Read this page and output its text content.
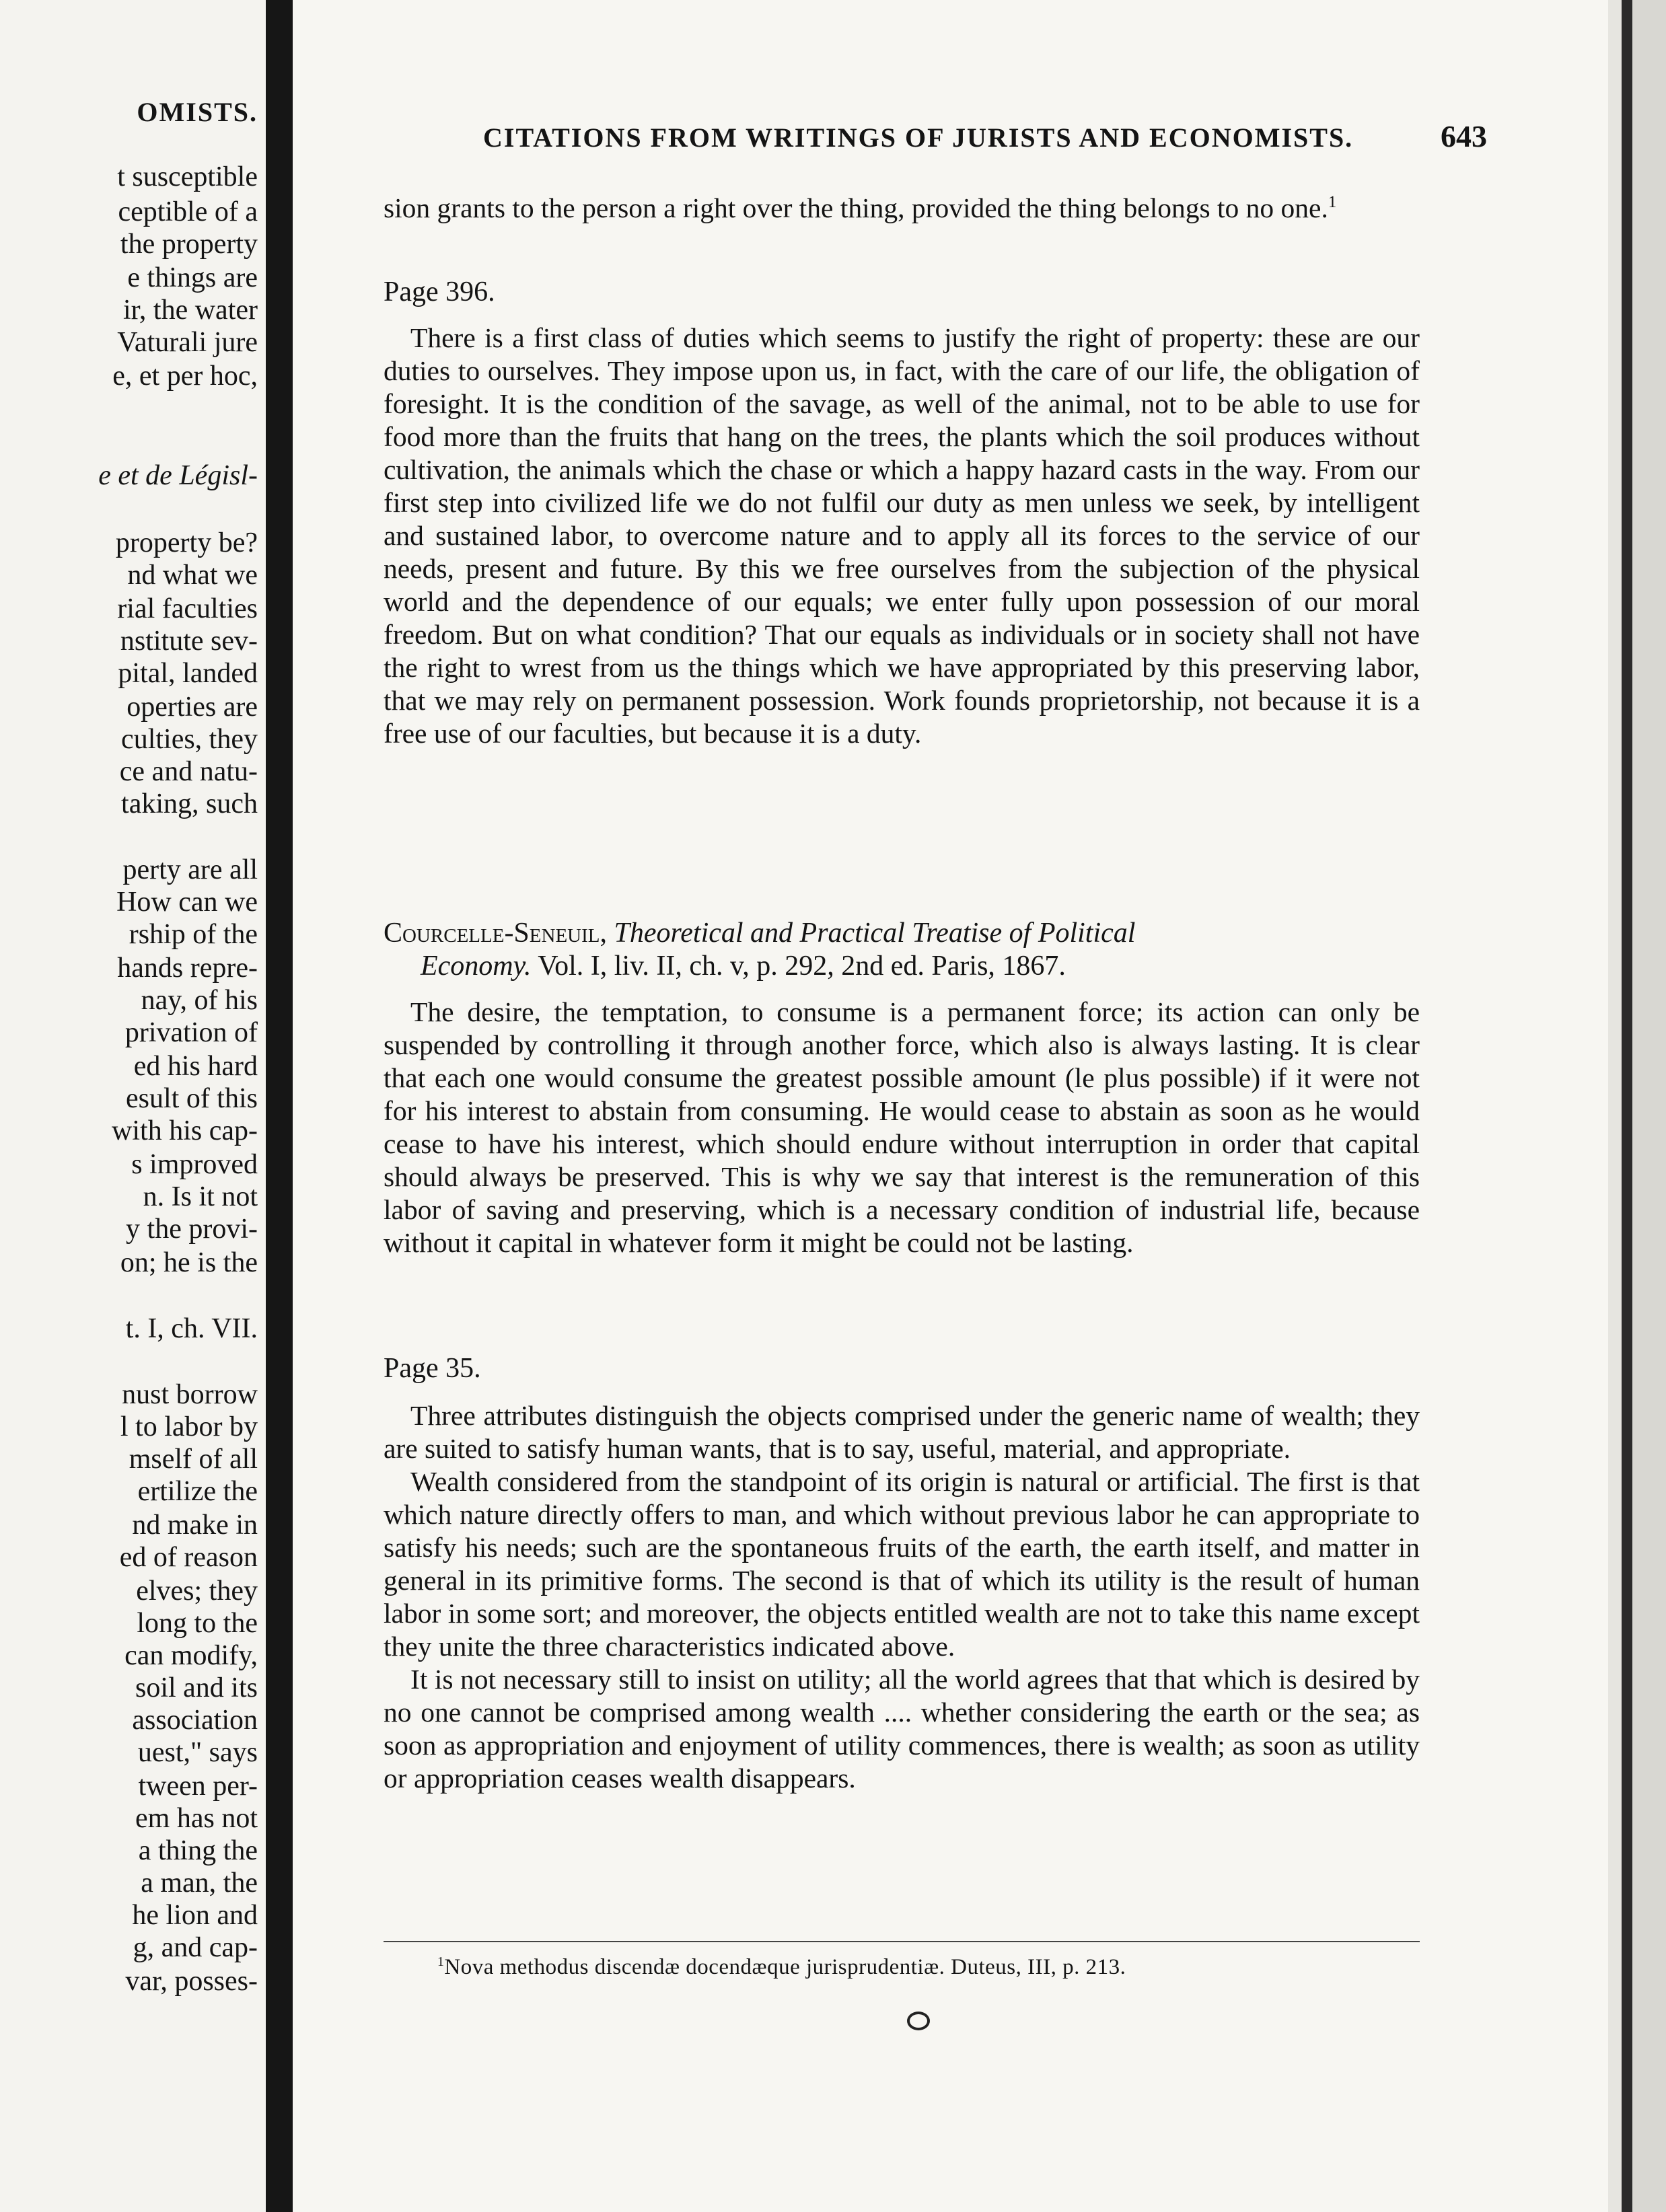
OMISTS.
t susceptible
ceptible of a
the property
e things are
ir, the water
Vaturali jure
e, et per hoc,
e et de Législ-
property be?
nd what we
rial faculties
nstitute sev-
pital, landed
operties are
culties, they
ce and natu-
taking, such
perty are all
How can we
rship of the
hands repre-
nay, of his
privation of
ed his hard
esult of this
with his cap-
s improved
n. Is it not
y the provi-
on; he is the
t. I, ch. VII.
nust borrow
l to labor by
mself of all
ertilize the
nd make in
ed of reason
elves; they
long to the
can modify,
soil and its
association
uest," says
tween per-
em has not
a thing the
a man, the
he lion and
g, and cap-
var, posses-
CITATIONS FROM WRITINGS OF JURISTS AND ECONOMISTS.	643

sion grants to the person a right over the thing, provided the thing belongs to no one.$^1$

Page 396.

There is a first class of duties which seems to justify the right of property: these are our duties to ourselves. They impose upon us, in fact, with the care of our life, the obligation of foresight. It is the condition of the savage, as well of the animal, not to be able to use for food more than the fruits that hang on the trees, the plants which the soil produces without cultivation, the animals which the chase or which a happy hazard casts in the way. From our first step into civilized life we do not fulfil our duty as men unless we seek, by intelligent and sustained labor, to overcome nature and to apply all its forces to the service of our needs, present and future. By this we free ourselves from the subjection of the physical world and the dependence of our equals; we enter fully upon possession of our moral freedom. But on what condition? That our equals as individuals or in society shall not have the right to wrest from us the things which we have appropriated by this preserving labor, that we may rely on permanent possession. Work founds proprietorship, not because it is a free use of our faculties, but because it is a duty.

Courcelle-Seneuil, Theoretical and Practical Treatise of Political
Economy. Vol. I, liv. II, ch. v, p. 292, 2nd ed. Paris, 1867.

The desire, the temptation, to consume is a permanent force; its action can only be suspended by controlling it through another force, which also is always lasting. It is clear that each one would consume the greatest possible amount (le plus possible) if it were not for his interest to abstain from consuming. He would cease to abstain as soon as he would cease to have his interest, which should endure without interruption in order that capital should always be preserved. This is why we say that interest is the remuneration of this labor of saving and preserving, which is a necessary condition of industrial life, because without it capital in whatever form it might be could not be lasting.

Page 35.

Three attributes distinguish the objects comprised under the generic name of wealth; they are suited to satisfy human wants, that is to say, useful, material, and appropriate.

Wealth considered from the standpoint of its origin is natural or artificial. The first is that which nature directly offers to man, and which without previous labor he can appropriate to satisfy his needs; such are the spontaneous fruits of the earth, the earth itself, and matter in general in its primitive forms. The second is that of which its utility is the result of human labor in some sort; and moreover, the objects entitled wealth are not to take this name except they unite the three characteristics indicated above.

It is not necessary still to insist on utility; all the world agrees that that which is desired by no one cannot be comprised among wealth .... whether considering the earth or the sea; as soon as appropriation and enjoyment of utility commences, there is wealth; as soon as utility or appropriation ceases wealth disappears.

$^1$Nova methodus discendæ docendæque jurisprudentiæ. Duteus, III, p. 213.
